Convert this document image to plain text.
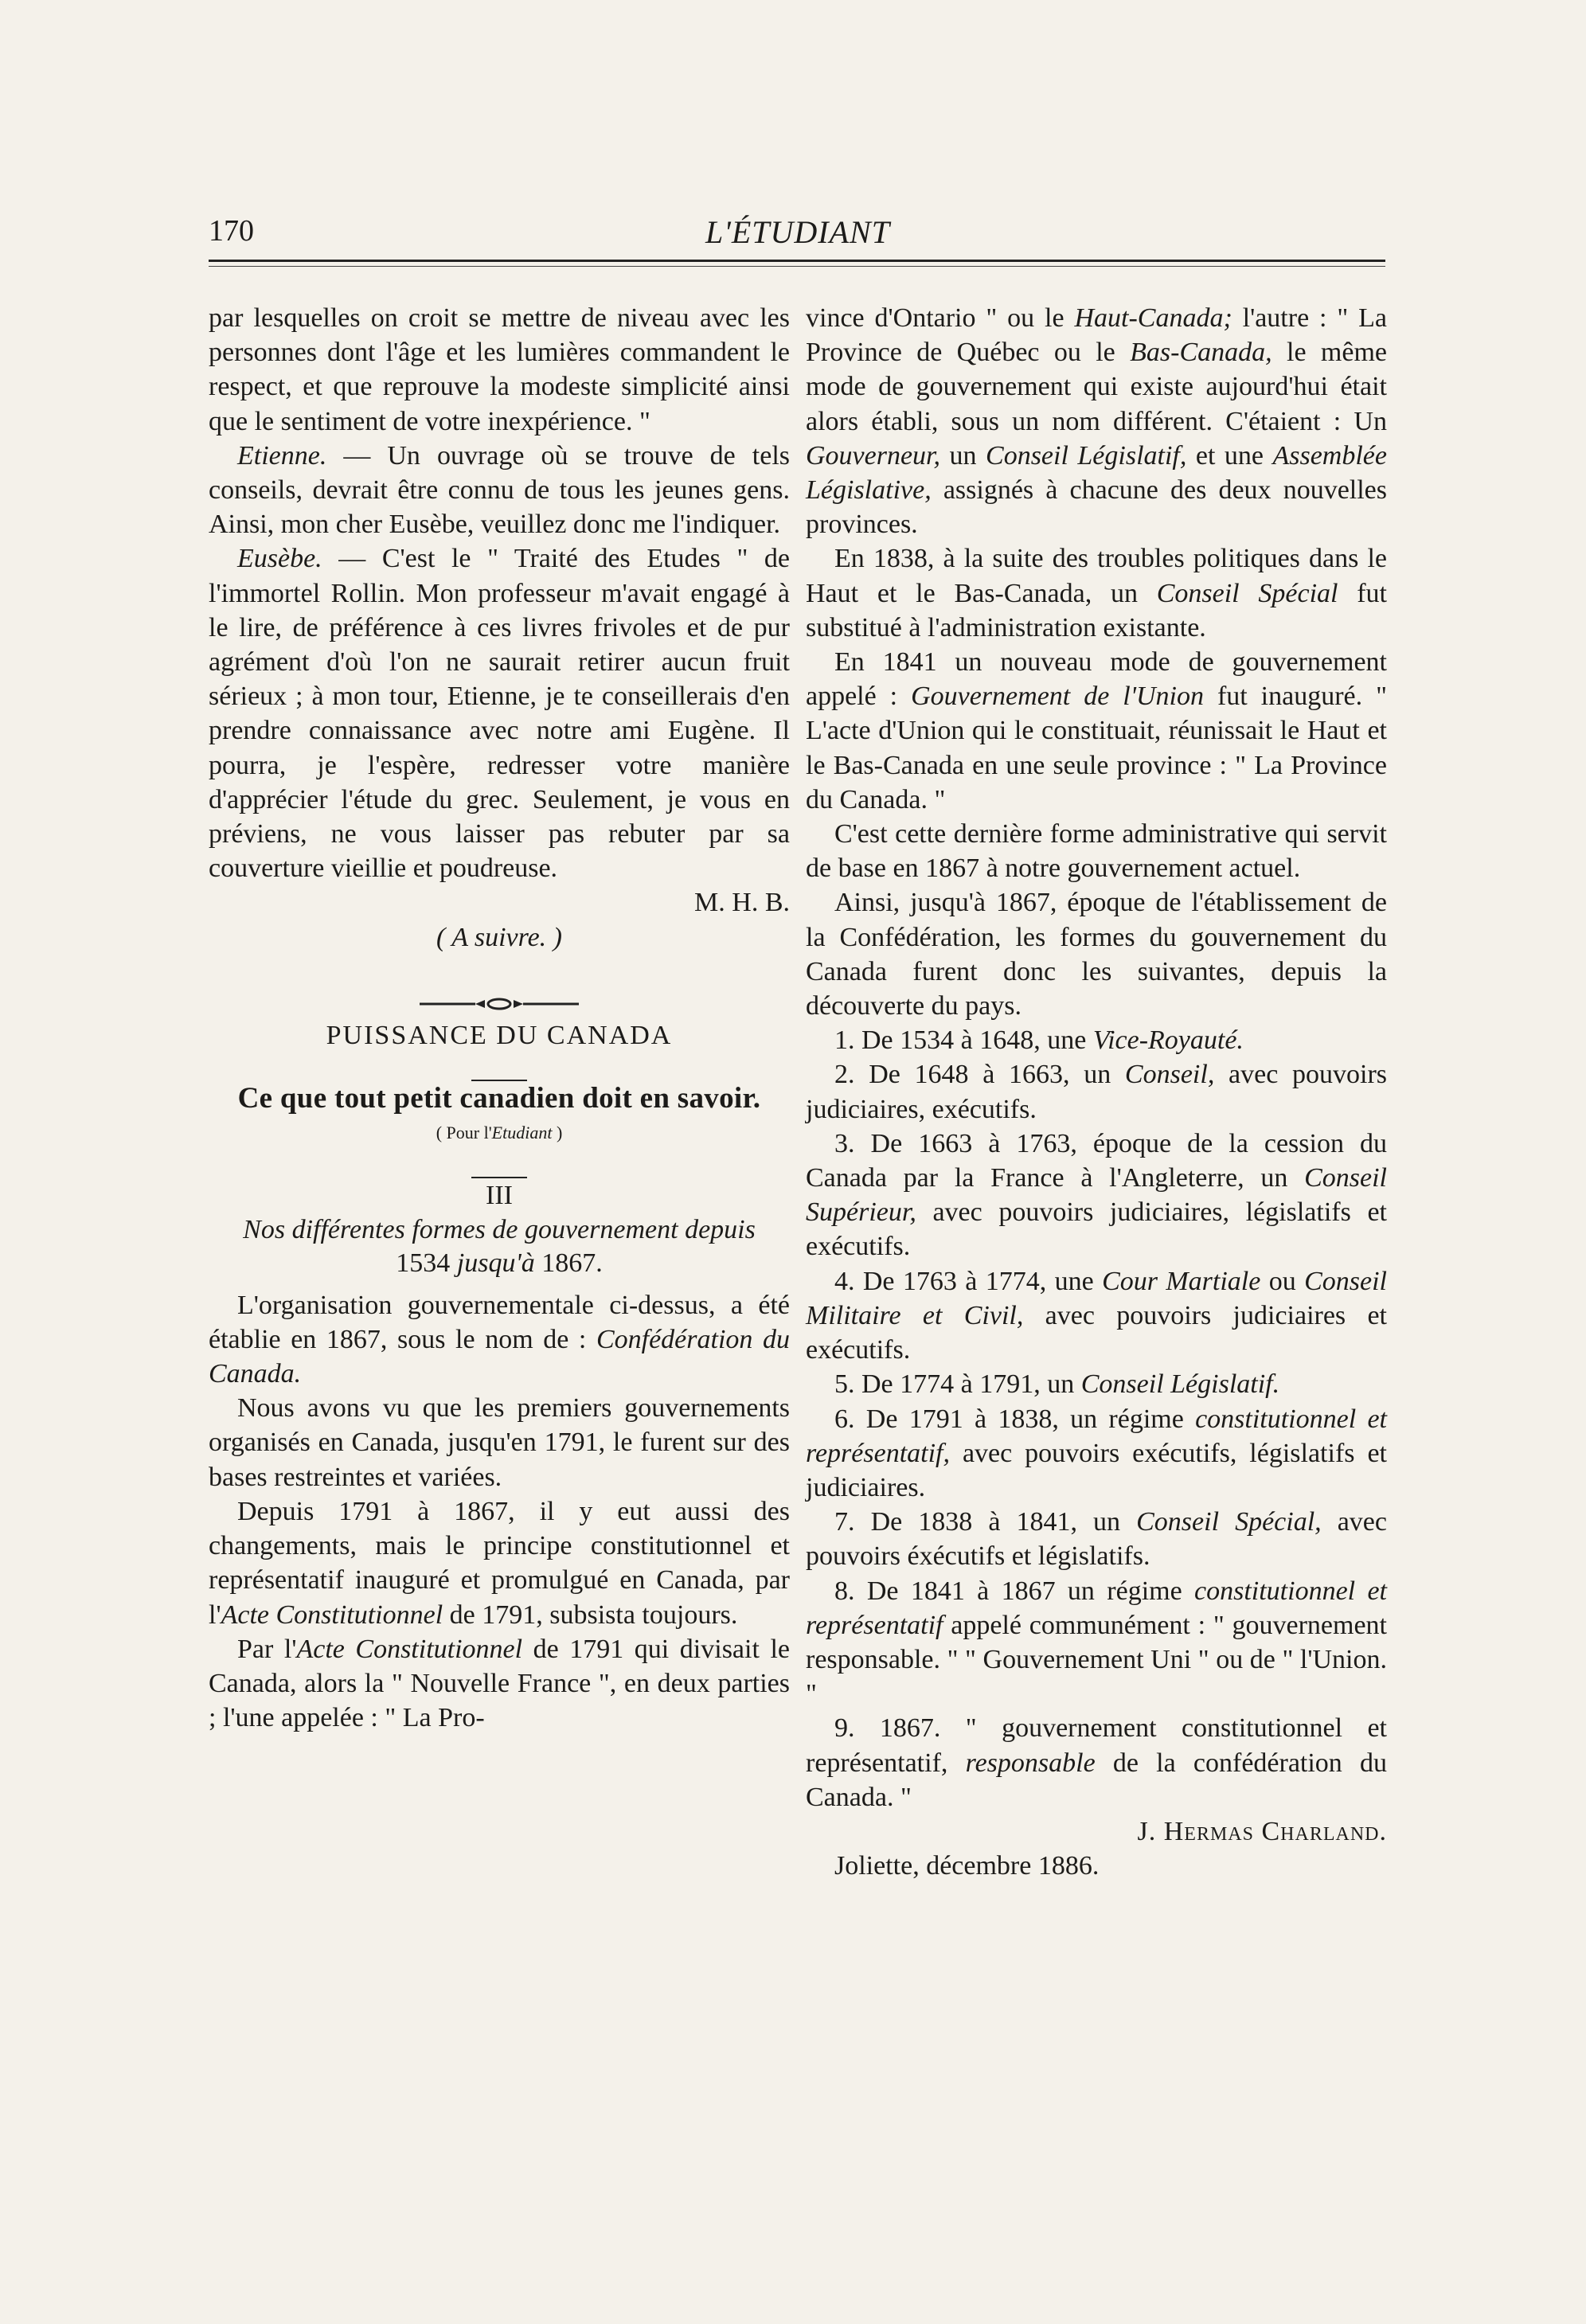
170	L'ÉTUDIANT

par lesquelles on croit se mettre de niveau avec les personnes dont l'âge et les lumières commandent le respect, et que reprouve la modeste simplicité ainsi que le sentiment de votre inexpérience. "

Etienne. — Un ouvrage où se trouve de tels conseils, devrait être connu de tous les jeunes gens. Ainsi, mon cher Eusèbe, veuillez donc me l'indiquer.

Eusèbe. — C'est le " Traité des Etudes " de l'immortel Rollin. Mon professeur m'avait engagé à le lire, de préférence à ces livres frivoles et de pur agrément d'où l'on ne saurait retirer aucun fruit sérieux ; à mon tour, Etienne, je te conseillerais d'en prendre connaissance avec notre ami Eugène. Il pourra, je l'espère, redresser votre manière d'apprécier l'étude du grec. Seulement, je vous en préviens, ne vous laisser pas rebuter par sa couverture vieillie et poudreuse.

M. H. B.

( A suivre. )

PUISSANCE DU CANADA

Ce que tout petit canadien doit en savoir.

( Pour l'Etudiant )

III

Nos différentes formes de gouvernement depuis
1534 jusqu'à 1867.

L'organisation gouvernementale ci-dessus, a été établie en 1867, sous le nom de : Confédération du Canada.

Nous avons vu que les premiers gouvernements organisés en Canada, jusqu'en 1791, le furent sur des bases restreintes et variées.

Depuis 1791 à 1867, il y eut aussi des changements, mais le principe constitutionnel et représentatif inauguré et promulgué en Canada, par l'Acte Constitutionnel de 1791, subsista toujours.

Par l'Acte Constitutionnel de 1791 qui divisait le Canada, alors la " Nouvelle France ", en deux parties ; l'une appelée : " La Pro-

vince d'Ontario " ou le Haut-Canada; l'autre : " La Province de Québec ou le Bas-Canada, le même mode de gouvernement qui existe aujourd'hui était alors établi, sous un nom différent. C'étaient : Un Gouverneur, un Conseil Législatif, et une Assemblée Législative, assignés à chacune des deux nouvelles provinces.

En 1838, à la suite des troubles politiques dans le Haut et le Bas-Canada, un Conseil Spécial fut substitué à l'administration existante.

En 1841 un nouveau mode de gouvernement appelé : Gouvernement de l'Union fut inauguré. " L'acte d'Union qui le constituait, réunissait le Haut et le Bas-Canada en une seule province : " La Province du Canada. "

C'est cette dernière forme administrative qui servit de base en 1867 à notre gouvernement actuel.

Ainsi, jusqu'à 1867, époque de l'établissement de la Confédération, les formes du gouvernement du Canada furent donc les suivantes, depuis la découverte du pays.

1. De 1534 à 1648, une Vice-Royauté.

2. De 1648 à 1663, un Conseil, avec pouvoirs judiciaires, exécutifs.

3. De 1663 à 1763, époque de la cession du Canada par la France à l'Angleterre, un Conseil Supérieur, avec pouvoirs judiciaires, législatifs et exécutifs.

4. De 1763 à 1774, une Cour Martiale ou Conseil Militaire et Civil, avec pouvoirs judiciaires et exécutifs.

5. De 1774 à 1791, un Conseil Législatif.

6. De 1791 à 1838, un régime constitutionnel et représentatif, avec pouvoirs exécutifs, législatifs et judiciaires.

7. De 1838 à 1841, un Conseil Spécial, avec pouvoirs éxécutifs et législatifs.

8. De 1841 à 1867 un régime constitutionnel et représentatif appelé communément : " gouvernement responsable. " " Gouvernement Uni " ou de " l'Union. "

9. 1867. " gouvernement constitutionnel et représentatif, responsable de la confédération du Canada. "

J. Hermas Charland.

Joliette, décembre 1886.
